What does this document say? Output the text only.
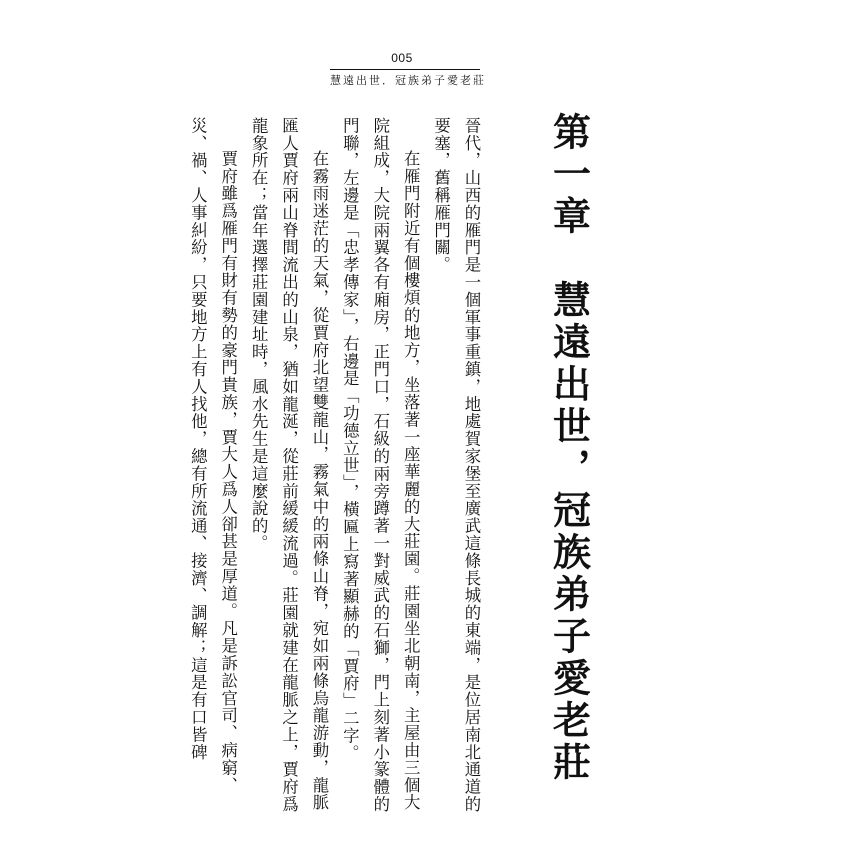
005
慧遠出世．冠族弟子愛老莊
第一章　慧遠出世，冠族弟子愛老莊

晉代，山西的雁門是一個軍事重鎮，地處賀家堡至廣武這條長城的東端，是位居南北通道的要塞，舊稱雁門關。

在雁門附近有個樓煩的地方，坐落著一座華麗的大莊園。莊園坐北朝南，主屋由三個大院組成，大院兩翼各有廂房，正門口，石級的兩旁蹲著一對威武的石獅，門上刻著小篆體的門聯，左邊是「忠孝傳家」，右邊是「功德立世」，橫匾上寫著顯赫的「賈府」二字。

在霧雨迷茫的天氣，從賈府北望雙龍山，霧氣中的兩條山脊，宛如兩條烏龍游動，龍脈匯人賈府兩山脊間流出的山泉，猶如龍涎，從莊前緩緩流過。莊園就建在龍脈之上，賈府爲龍象所在；當年選擇莊園建址時，風水先生是這麼說的。

賈府雖爲雁門有財有勢的豪門貴族，賈大人爲人卻甚是厚道。凡是訴訟官司、病窮、災、禍、人事糾紛，只要地方上有人找他，總有所流通、接濟、調解；這是有口皆碑
